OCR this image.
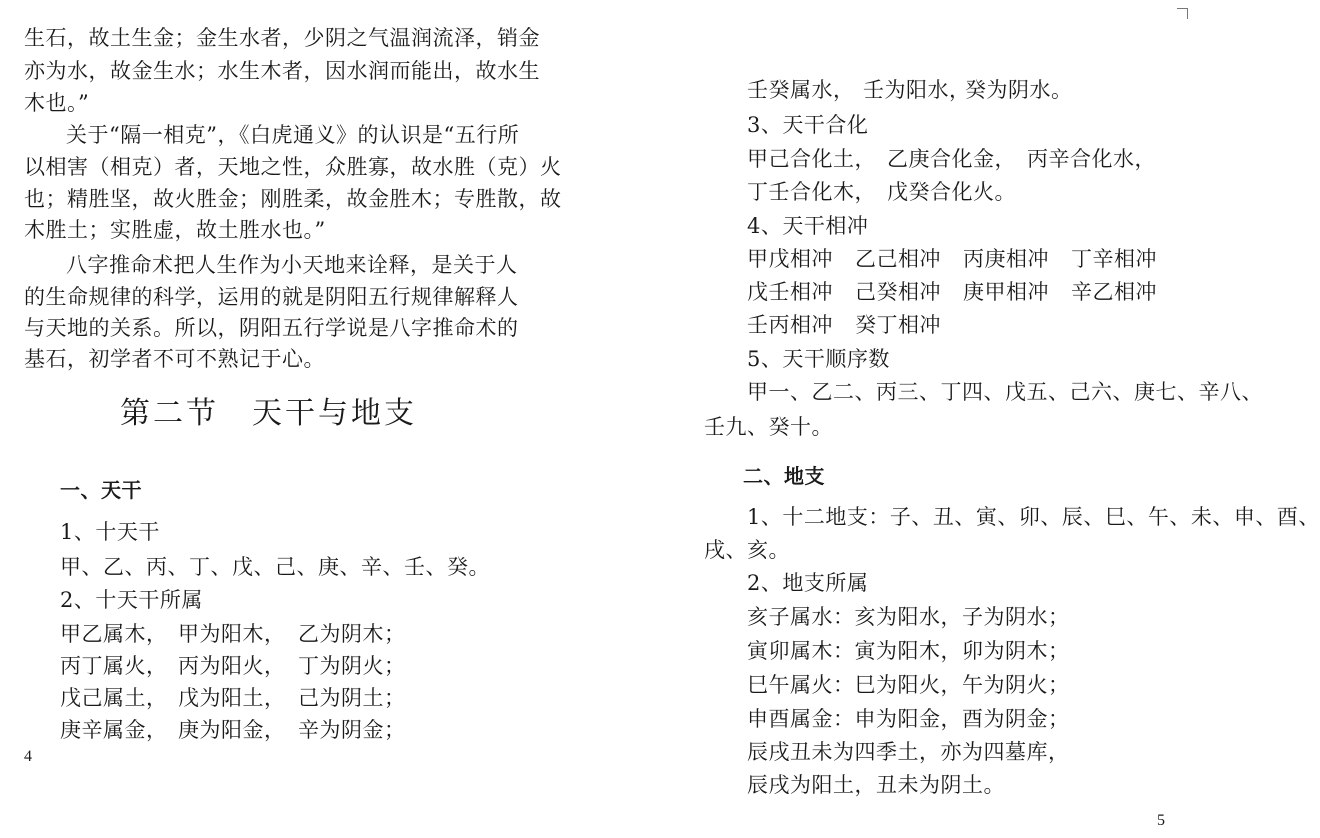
生石，故土生金；金生水者，少阴之气温润流泽，销金
亦为水，故金生水；水生木者，因水润而能出，故水生
木也。”
关于“隔一相克”，《白虎通义》的认识是“五行所
以相害（相克）者，天地之性，众胜寡，故水胜（克）火
也；精胜坚，故火胜金；刚胜柔，故金胜木；专胜散，故
木胜土；实胜虚，故土胜水也。”
八字推命术把人生作为小天地来诠释，是关于人
的生命规律的科学，运用的就是阴阳五行规律解释人
与天地的关系。所以，阴阳五行学说是八字推命术的
基石，初学者不可不熟记于心。
第二节　天干与地支
一、天干
1、十天干
甲、乙、丙、丁、戊、己、庚、辛、壬、癸。
2、十天干所属
甲乙属木， 甲为阳木， 乙为阴木；
丙丁属火， 丙为阳火， 丁为阴火；
戊己属土， 戊为阳土， 己为阴土；
庚辛属金， 庚为阳金， 辛为阴金；
4
壬癸属水， 壬为阳水，
癸为阴水。
3、天干合化
甲己合化土， 乙庚合化金， 丙辛合化水，
丁壬合化木， 戊癸合化火。
4、天干相冲
甲戊相冲 乙己相冲 丙庚相冲 丁辛相冲
戊壬相冲 己癸相冲 庚甲相冲 辛乙相冲
壬丙相冲 癸丁相冲
5、天干顺序数
甲一、乙二、丙三、丁四、戊五、己六、庚七、辛八、
壬九、癸十。
二、地支
1、十二地支：子、丑、寅、卯、辰、巳、午、未、申、酉、
戌、亥。
2、地支所属
亥子属水：亥为阳水，子为阴水；
寅卯属木：寅为阳木，卯为阴木；
巳午属火：巳为阳火，午为阴火；
申酉属金：申为阳金，酉为阴金；
辰戌丑未为四季土，亦为四墓库，
辰戌为阳土，丑未为阴土。
5
